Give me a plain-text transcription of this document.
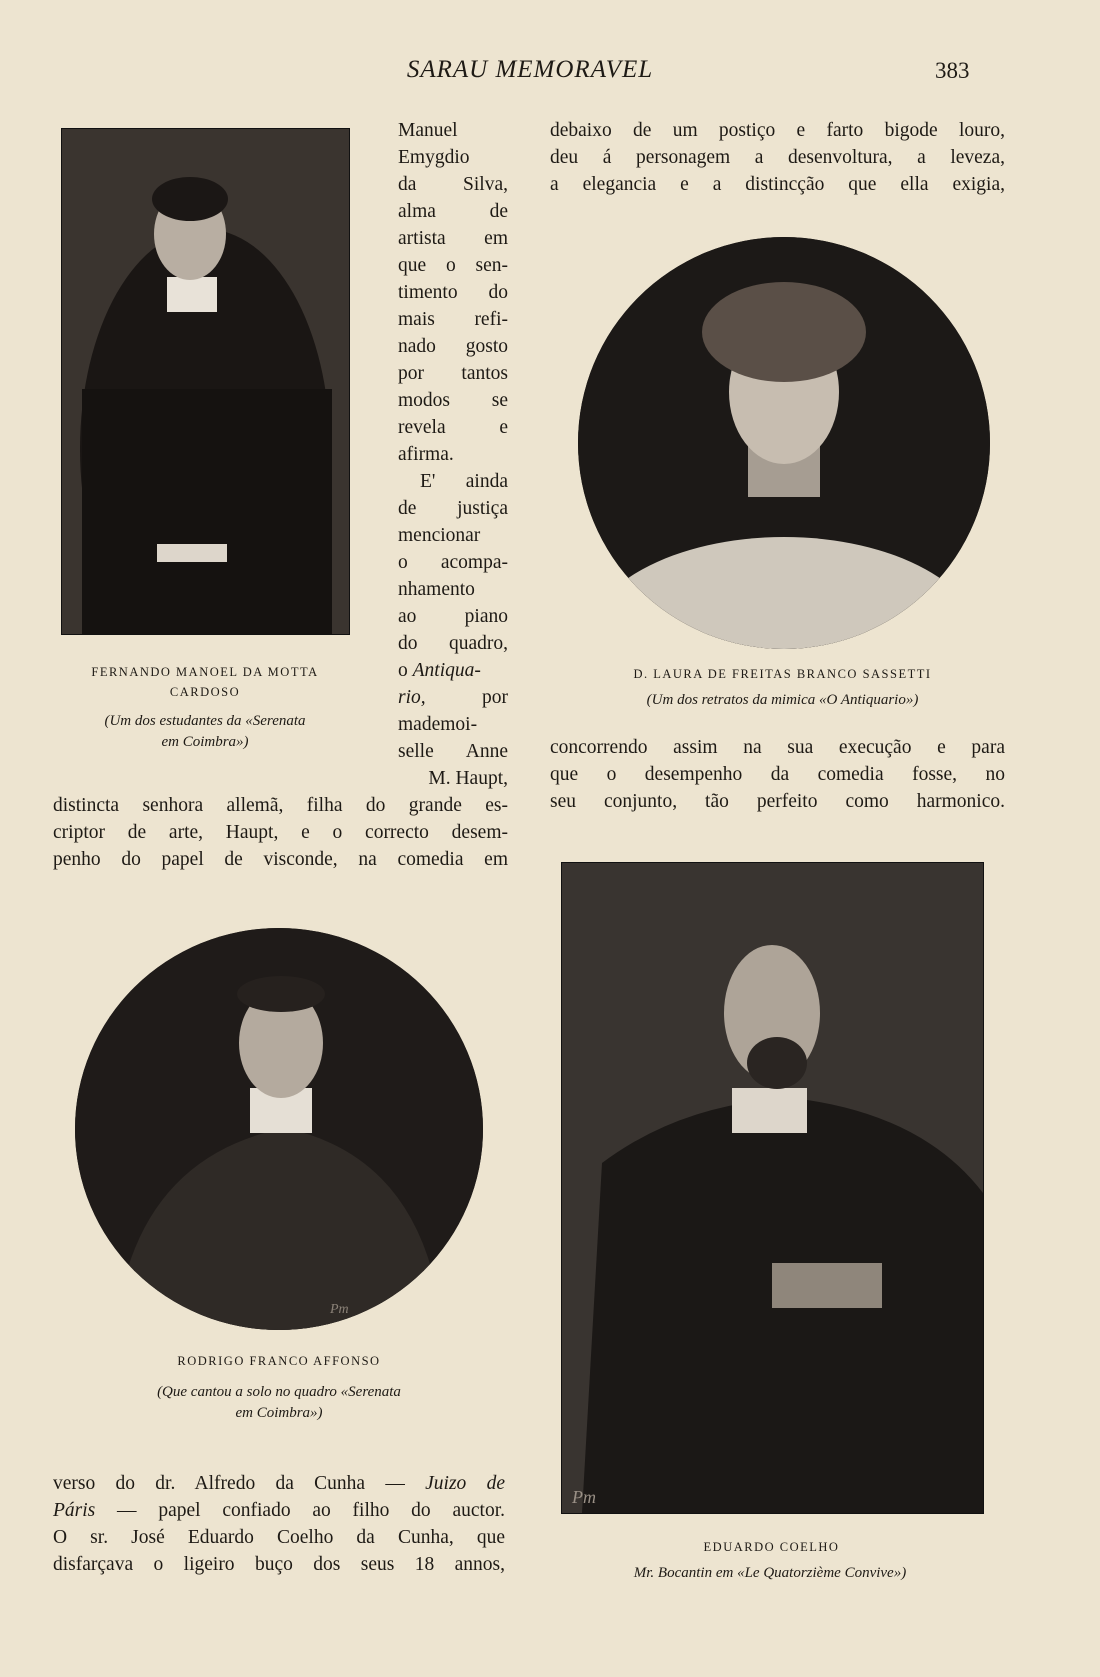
SARAU MEMORAVEL	383
FERNANDO MANOEL DA MOTTA
CARDOSO
(Um dos estudantes da «Serenata
em Coimbra»)
Manuel
Emygdio
da Silva,
alma de
artista em
que o sen-
timento do
mais refi-
nado gosto
por tantos
modos se
revela e
afirma.
E' ainda
de justiça
mencionar
o acompa-
nhamento
ao piano
do quadro,
o Antiqua-
rio, por
mademoi-
selle Anne
M. Haupt,
distincta senhora allemã, filha do grande es-
criptor de arte, Haupt, e o correcto desem-
penho do papel de visconde, na comedia em
debaixo de um postiço e farto bigode louro,
deu á personagem a desenvoltura, a leveza,
a elegancia e a distincção que ella exigia,
D. LAURA DE FREITAS BRANCO SASSETTI
(Um dos retratos da mimica «O Antiquario»)
concorrendo assim na sua execução e para
que o desempenho da comedia fosse, no
seu conjunto, tão perfeito como harmonico.
Pm
RODRIGO FRANCO AFFONSO
(Que cantou a solo no quadro «Serenata
em Coimbra»)
verso do dr. Alfredo da Cunha — Juizo de
Páris — papel confiado ao filho do auctor.
O sr. José Eduardo Coelho da Cunha, que
disfarçava o ligeiro buço dos seus 18 annos,
Pm
EDUARDO COELHO
Mr. Bocantin em «Le Quatorzième Convive»)
